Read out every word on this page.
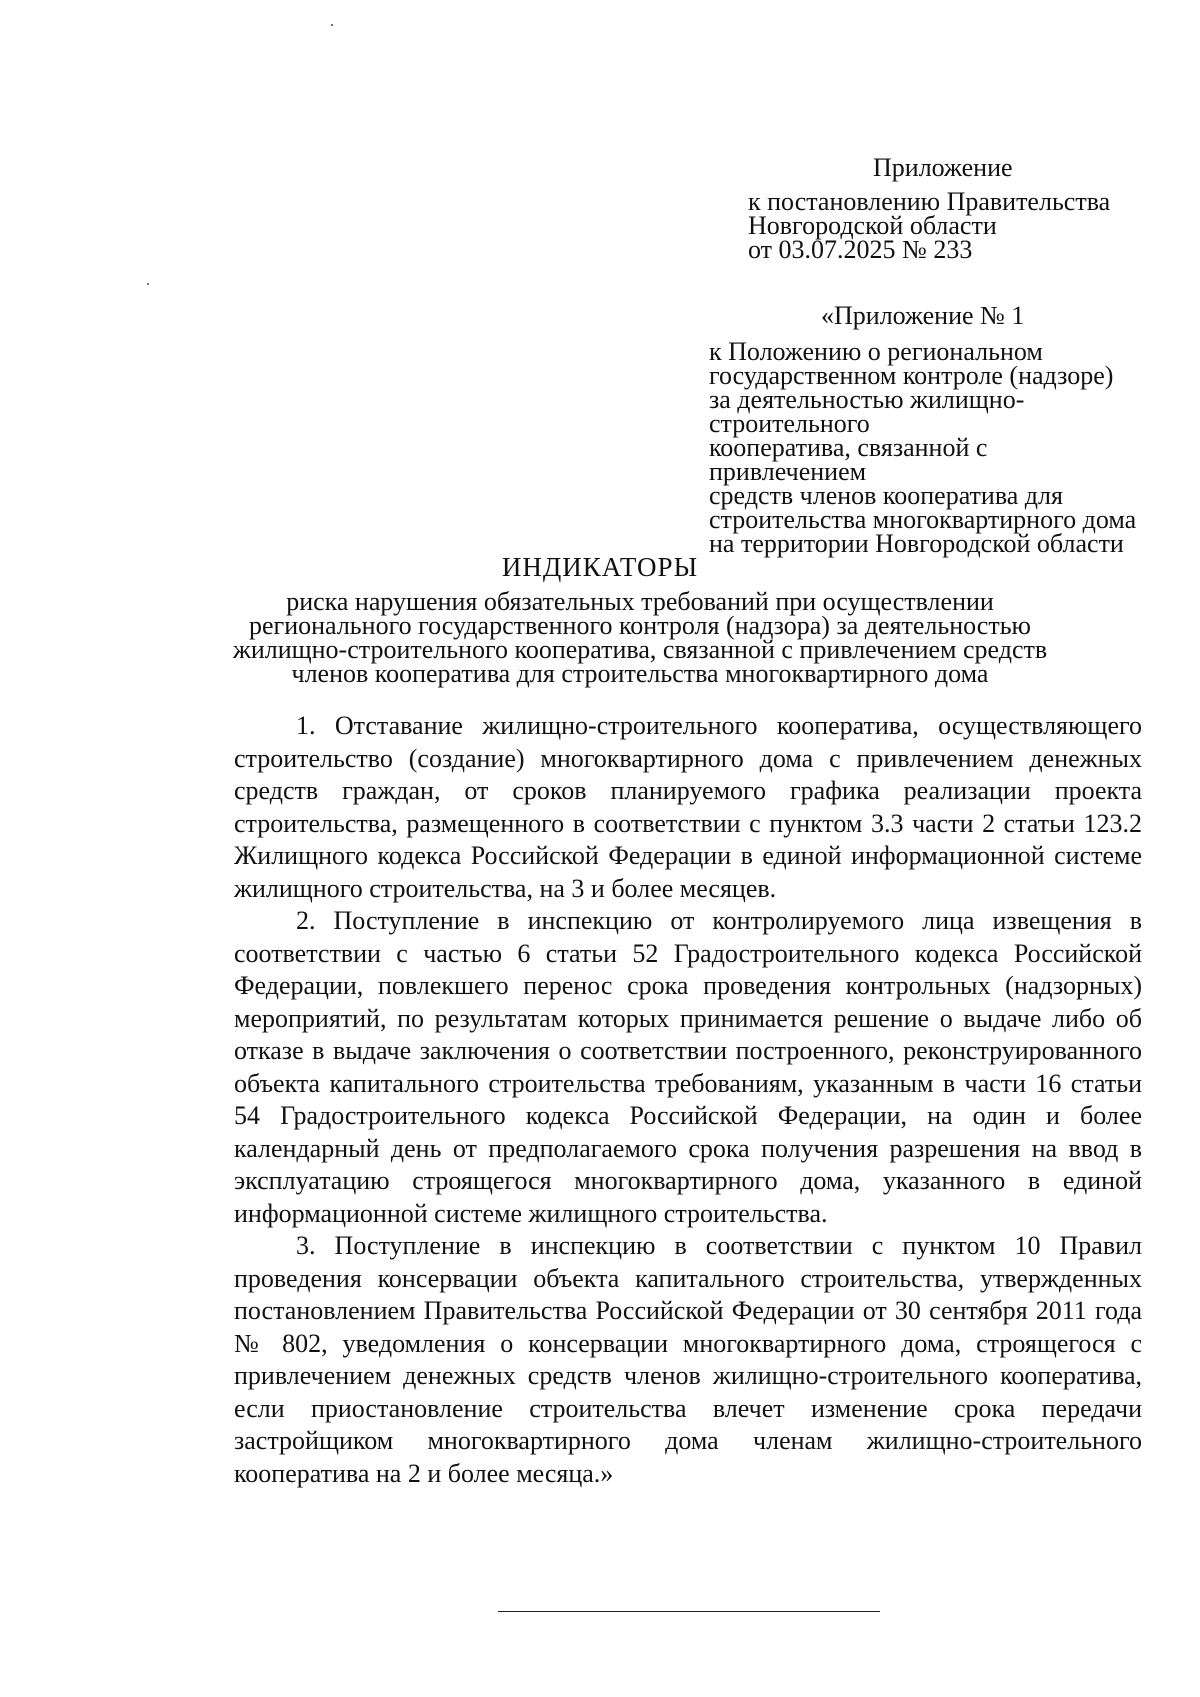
Приложение
к постановлению Правительства
Новгородской области
от 03.07.2025 № 233
«Приложение № 1
к Положению о региональном
государственном контроле (надзоре)
за деятельностью жилищно-строительного
кооператива, связанной с привлечением
средств членов кооператива для
строительства многоквартирного дома
на территории Новгородской области
ИНДИКАТОРЫ
риска нарушения обязательных требований при осуществлении
регионального государственного контроля (надзора) за деятельностью
жилищно-строительного кооператива, связанной с привлечением средств
членов кооператива для строительства многоквартирного дома

1. Отставание жилищно-строительного кооператива, осуществляющего строительство (создание) многоквартирного дома с привлечением денежных средств граждан, от сроков планируемого графика реализации проекта строительства, размещенного в соответствии с пунктом 3.3 части 2 статьи 123.2 Жилищного кодекса Российской Федерации в единой информационной системе жилищного строительства, на 3 и более месяцев.

2. Поступление в инспекцию от контролируемого лица извещения в соответствии с частью 6 статьи 52 Градостроительного кодекса Российской Федерации, повлекшего перенос срока проведения контрольных (надзорных) мероприятий, по результатам которых принимается решение о выдаче либо об отказе в выдаче заключения о соответствии построенного, реконструированного объекта капитального строительства требованиям, указанным в части 16 статьи 54 Градостроительного кодекса Российской Федерации, на один и более календарный день от предполагаемого срока получения разрешения на ввод в эксплуатацию строящегося многоквартирного дома, указанного в единой информационной системе жилищного строительства.

3. Поступление в инспекцию в соответствии с пунктом 10 Правил проведения консервации объекта капитального строительства, утвержденных постановлением Правительства Российской Федерации от 30 сентября 2011 года № 802, уведомления о консервации многоквартирного дома, строящегося с привлечением денежных средств членов жилищно-строительного кооператива, если приостановление строительства влечет изменение срока передачи застройщиком многоквартирного дома членам жилищно-строительного кооператива на 2 и более месяца.»
